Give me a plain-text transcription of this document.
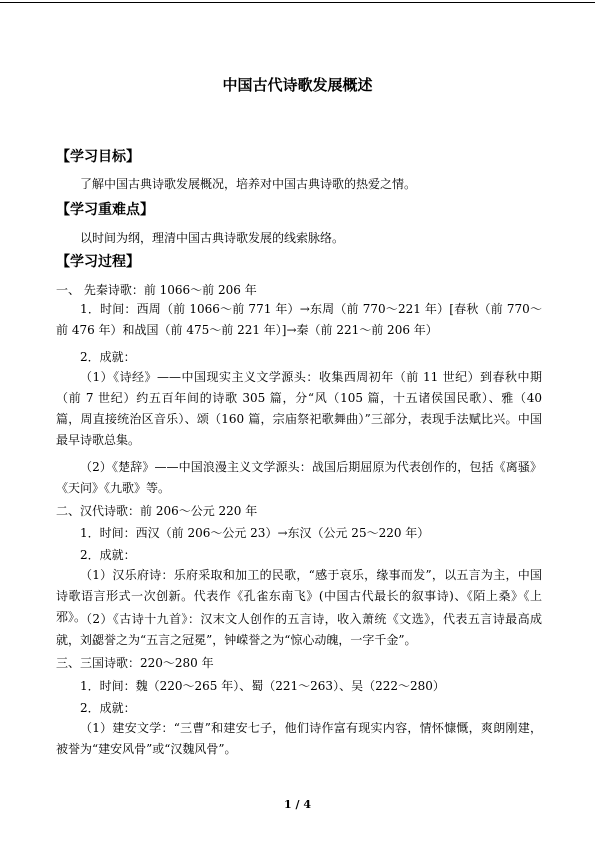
中国古代诗歌发展概述
【学习目标】
了解中国古典诗歌发展概况，培养对中国古典诗歌的热爱之情。
【学习重难点】
以时间为纲，理清中国古典诗歌发展的线索脉络。
【学习过程】
一、 先秦诗歌：前 1066～前 206 年
1．时间：西周（前 1066～前 771 年）→东周（前 770～221 年）[春秋（前 770～前 476 年）和战国（前 475～前 221 年）]→秦（前 221～前 206 年）
2．成就：
（1）《诗经》——中国现实主义文学源头：收集西周初年（前 11 世纪）到春秋中期（前 7 世纪）约五百年间的诗歌 305 篇，分“风（105 篇，十五诸侯国民歌）、雅（40 篇，周直接统治区音乐）、颂（160 篇，宗庙祭祀歌舞曲）”三部分，表现手法赋比兴。中国最早诗歌总集。
（2）《楚辞》——中国浪漫主义文学源头：战国后期屈原为代表创作的，包括《离骚》《天问》《九歌》等。
二、汉代诗歌：前 206～公元 220 年
1．时间：西汉（前 206～公元 23）→东汉（公元 25～220 年）
2．成就：
（1）汉乐府诗：乐府采取和加工的民歌，“感于哀乐，缘事而发”，以五言为主，中国诗歌语言形式一次创新。代表作《孔雀东南飞》(中国古代最长的叙事诗)、《陌上桑》《上邪》。
（2）《古诗十九首》：汉末文人创作的五言诗，收入萧统《文选》，代表五言诗最高成就，刘勰誉之为“五言之冠冕”，钟嵘誉之为“惊心动魄，一字千金”。
三、三国诗歌：220～280 年
1．时间：魏（220～265 年）、蜀（221～263）、吴（222～280）
2．成就：
（1）建安文学：“三曹”和建安七子，他们诗作富有现实内容，情怀慷慨，爽朗刚建，被誉为“建安风骨”或“汉魏风骨”。
1 / 4
